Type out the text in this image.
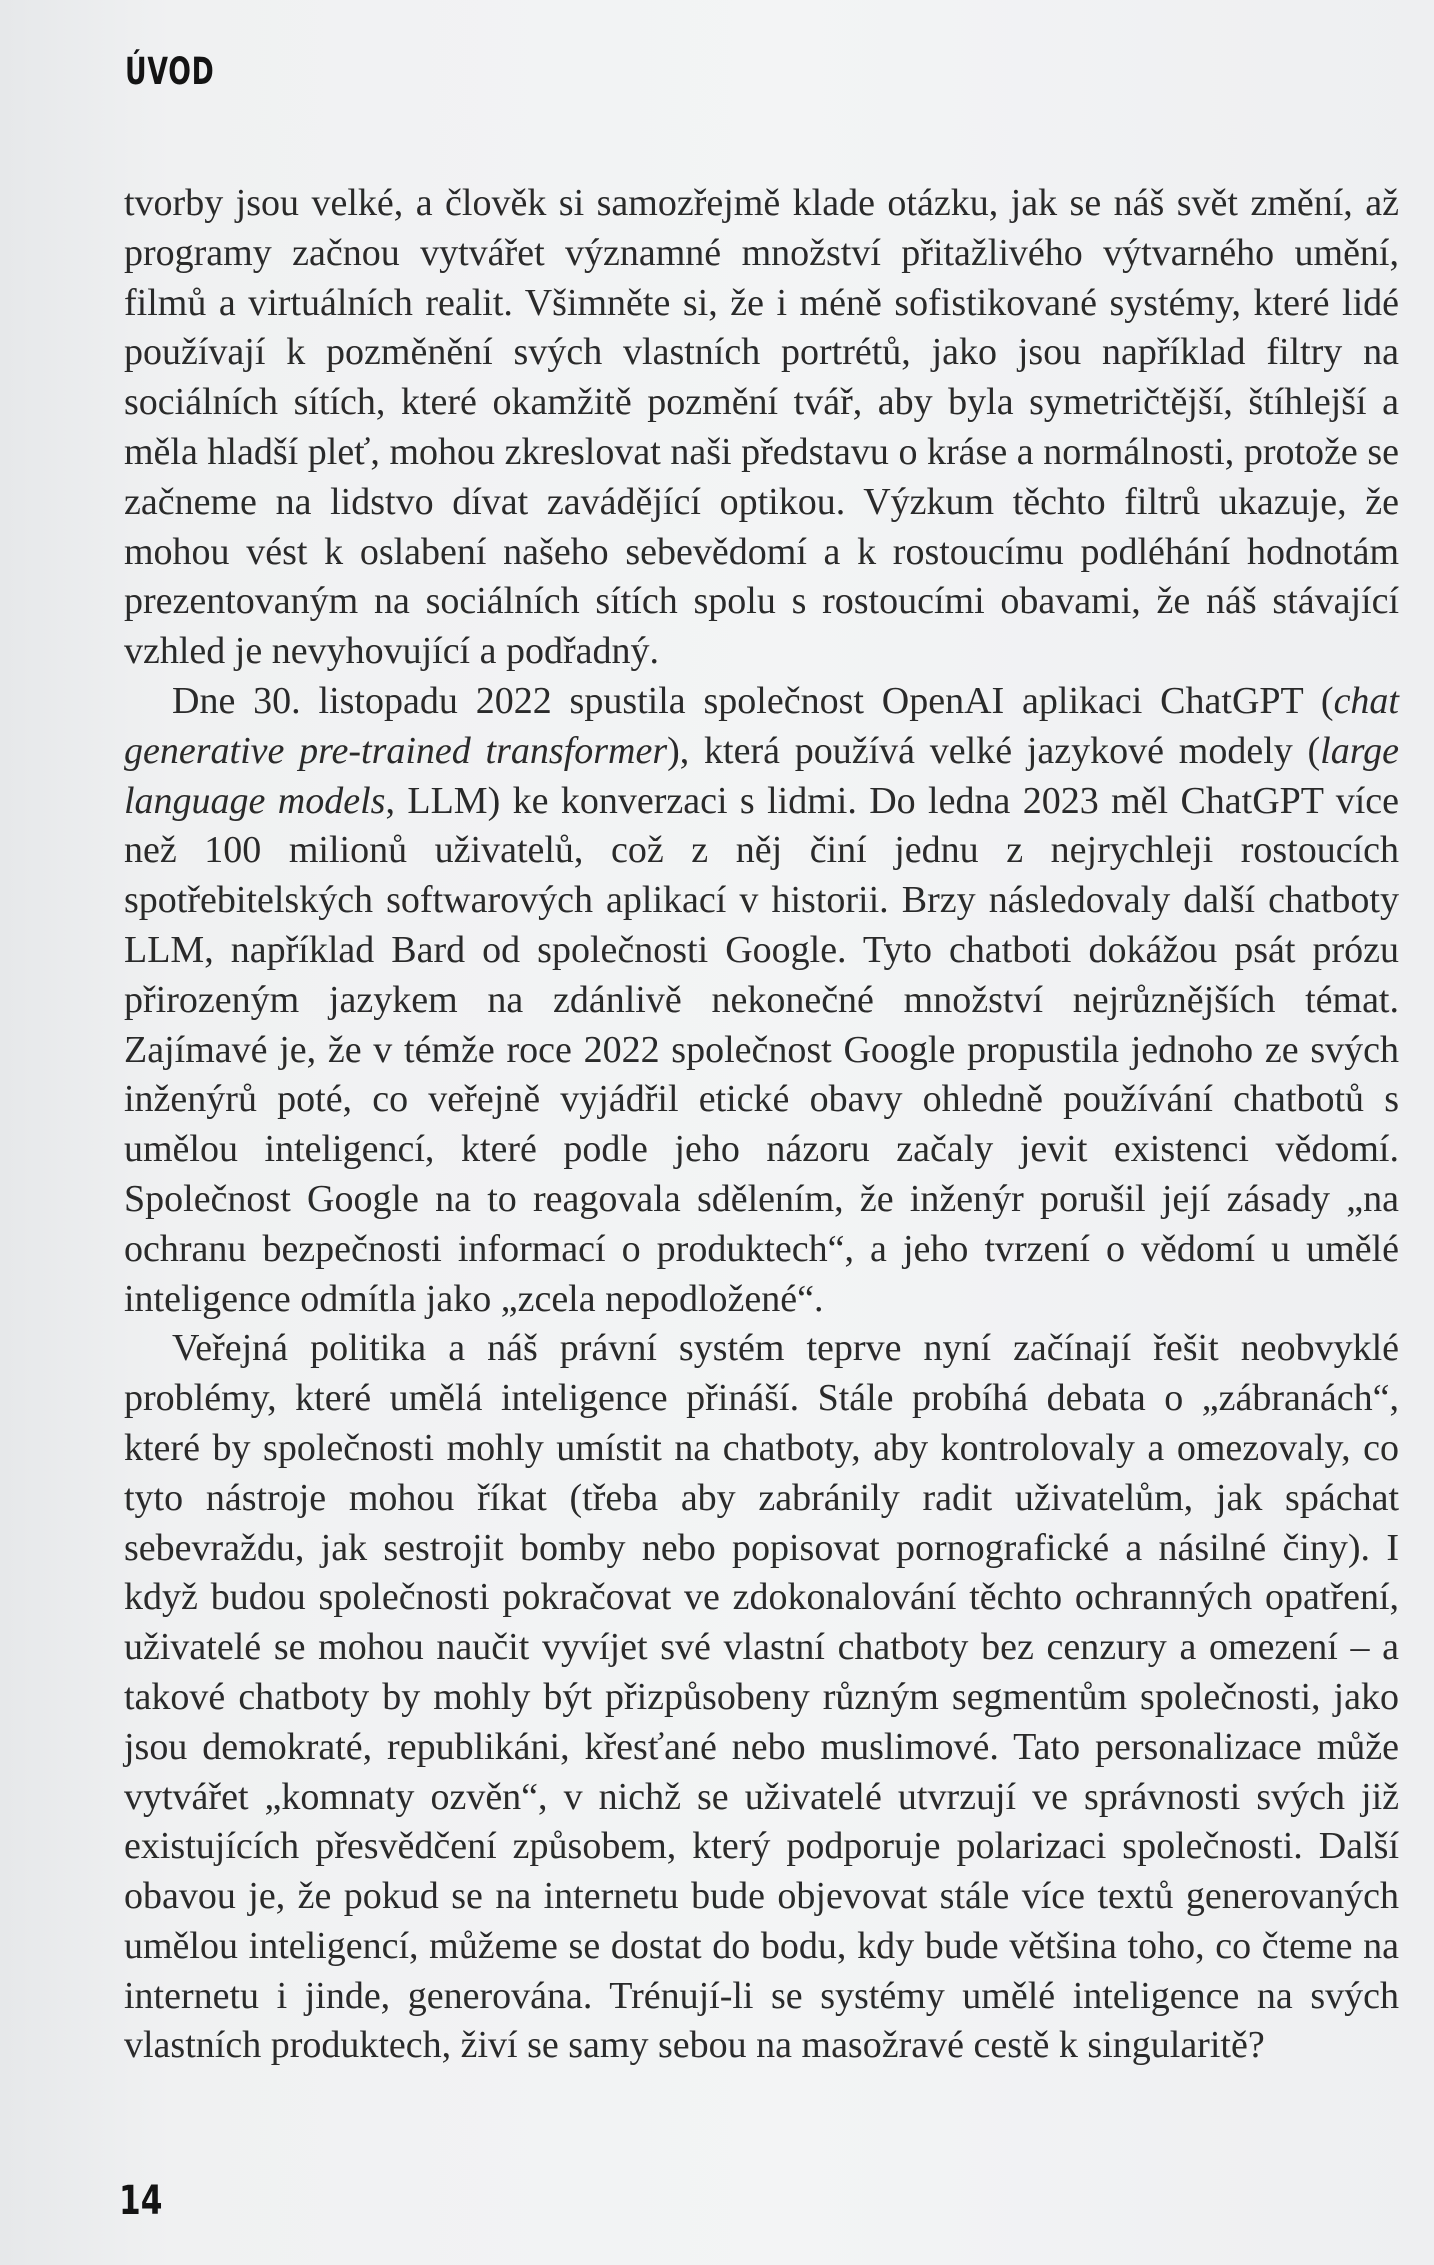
ÚVOD

tvorby jsou velké, a člověk si samozřejmě klade otázku, jak se náš svět změní, až programy začnou vytvářet významné množství přitažlivého výtvarného umění, filmů a virtuálních realit. Všimněte si, že i méně sofistikované systémy, které lidé používají k pozměnění svých vlastních portrétů, jako jsou například filtry na sociálních sítích, které okamžitě pozmění tvář, aby byla symetričtější, štíhlejší a měla hladší pleť, mohou zkreslovat naši představu o kráse a normálnosti, protože se začneme na lidstvo dívat zavádějící optikou. Výzkum těchto filtrů ukazuje, že mohou vést k oslabení našeho sebevědomí a k rostoucímu podléhání hodnotám prezentovaným na sociálních sítích spolu s rostoucími obavami, že náš stávající vzhled je nevyhovující a podřadný.

Dne 30. listopadu 2022 spustila společnost OpenAI aplikaci ChatGPT (chat generative pre-trained transformer), která používá velké jazykové modely (large language models, LLM) ke konverzaci s lidmi. Do ledna 2023 měl ChatGPT více než 100 milionů uživatelů, což z něj činí jednu z nejrychleji rostoucích spotřebitelských softwarových aplikací v historii. Brzy následovaly další chatboty LLM, například Bard od společnosti Google. Tyto chatboti dokážou psát prózu přirozeným jazykem na zdánlivě nekonečné množství nejrůznějších témat. Zajímavé je, že v témže roce 2022 společnost Google propustila jednoho ze svých inženýrů poté, co veřejně vyjádřil etické obavy ohledně používání chatbotů s umělou inteligencí, které podle jeho názoru začaly jevit existenci vědomí. Společnost Google na to reagovala sdělením, že inženýr porušil její zásady „na ochranu bezpečnosti informací o produktech“, a jeho tvrzení o vědomí u umělé inteligence odmítla jako „zcela nepodložené“.

Veřejná politika a náš právní systém teprve nyní začínají řešit neobvyklé problémy, které umělá inteligence přináší. Stále probíhá debata o „zábranách“, které by společnosti mohly umístit na chatboty, aby kontrolovaly a omezovaly, co tyto nástroje mohou říkat (třeba aby zabránily radit uživatelům, jak spáchat sebevraždu, jak sestrojit bomby nebo popisovat pornografické a násilné činy). I když budou společnosti pokračovat ve zdokonalování těchto ochranných opatření, uživatelé se mohou naučit vyvíjet své vlastní chatboty bez cenzury a omezení – a takové chatboty by mohly být přizpůsobeny různým segmentům společnosti, jako jsou demokraté, republikáni, křesťané nebo muslimové. Tato personalizace může vytvářet „komnaty ozvěn“, v nichž se uživatelé utvrzují ve správnosti svých již existujících přesvědčení způsobem, který podporuje polarizaci společnosti. Další obavou je, že pokud se na internetu bude objevovat stále více textů generovaných umělou inteligencí, můžeme se dostat do bodu, kdy bude většina toho, co čteme na internetu i jinde, generována. Trénují-li se systémy umělé inteligence na svých vlastních produktech, živí se samy sebou na masožravé cestě k singularitě?

14
